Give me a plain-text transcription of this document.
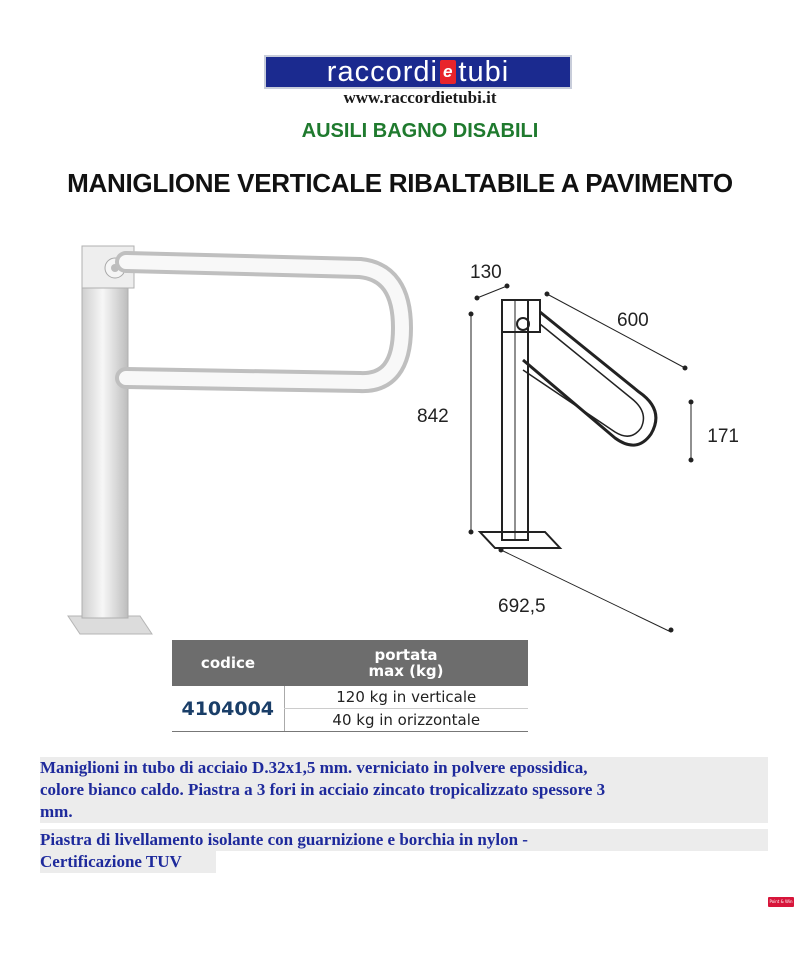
raccordi e tubi
www.raccordietubi.it
AUSILI BAGNO DISABILI
MANIGLIONE VERTICALE RIBALTABILE A PAVIMENTO
130
600
842
171
692,5
codice	portata
max (kg)

4104004	120 kg in verticale
	40 kg in orizzontale
Maniglioni in tubo di acciaio D.32x1,5 mm. verniciato in polvere epossidica,
colore bianco caldo. Piastra a 3 fori in acciaio zincato tropicalizzato spessore 3
mm.
Piastra di livellamento isolante con guarnizione e borchia in nylon -
Certificazione TUV
Point & Win
